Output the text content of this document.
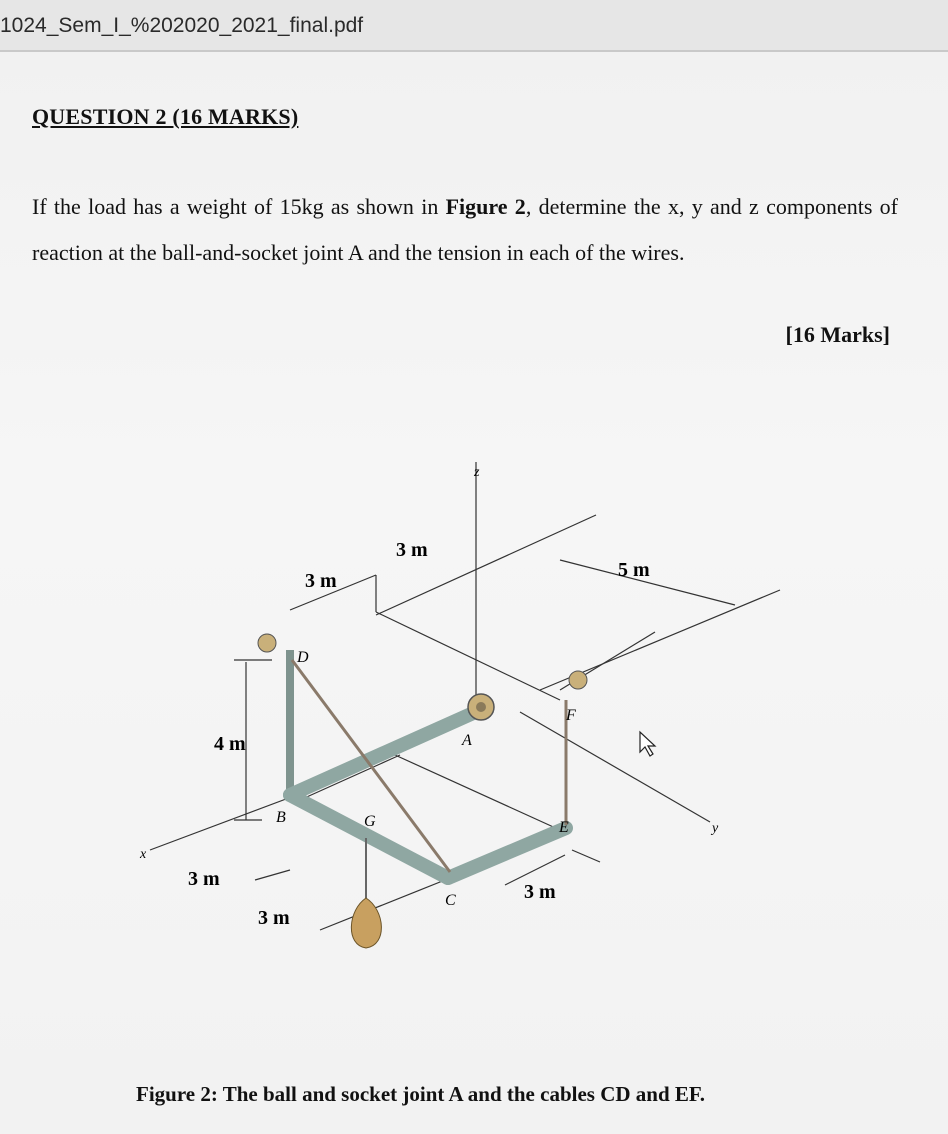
1024_Sem_I_%202020_2021_final.pdf
QUESTION 2 (16 MARKS)
If the load has a weight of 15kg as shown in Figure 2, determine the x, y and z components of reaction at the ball-and-socket joint A and the tension in each of the wires.
[16 Marks]
z
x
y
3 m
3 m	5 m
4 m
3 m
3 m
3 m
A
B
C
D
E
F
G
Figure 2: The ball and socket joint A and the cables CD and EF.
